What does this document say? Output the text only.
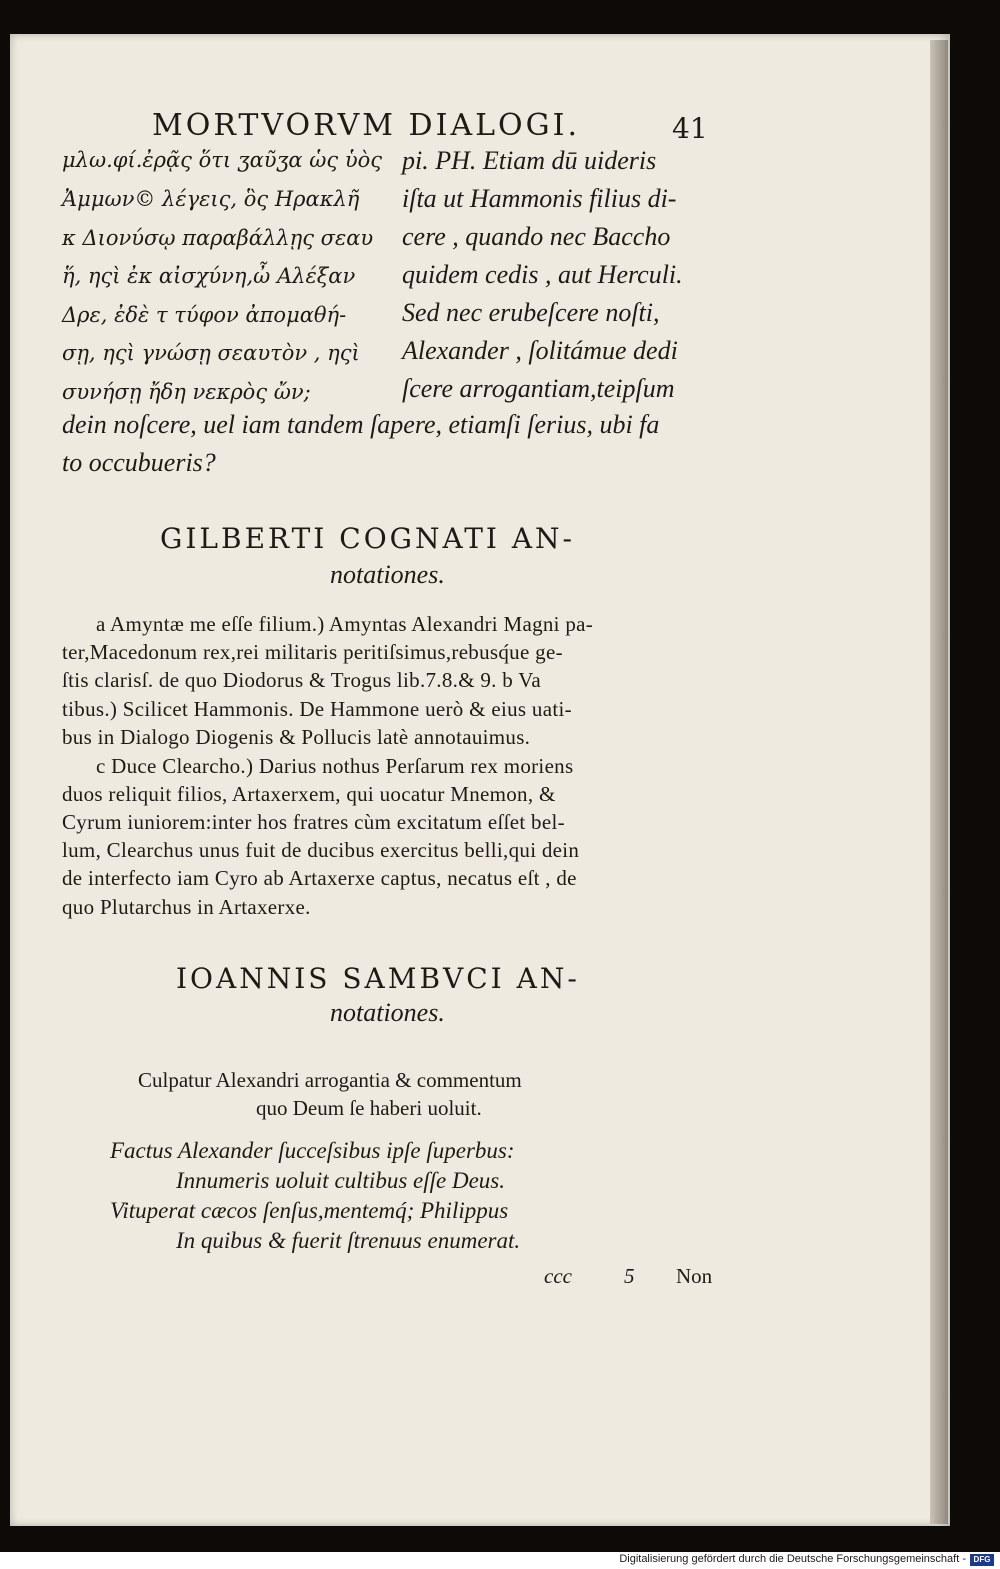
MORTVORVM DIALOGI.	41
μλω.φί.ἐρᾷς ὅτι ʒαῦʒα ὡς ὑὸς
Ἀμμων© λέγεις, ὃς Ηρακλῆ
κ Διονύσῳ παραβάλλῃς σεαυ
ἥ, ηςὶ ἐκ αἰσχύνη,ὦ Αλέξαν
Δρε, ἐδὲ τ τύφον ἀπομαθή-
σῃ, ηςὶ γνώσῃ σεαυτὸν , ηςὶ
συνήσῃ ἤδη νεκρὸς ὤν;
pi. PH. Etiam dū uideris
iſta ut Hammonis filius di-
cere , quando nec Baccho
quidem cedis , aut Herculi.
Sed nec erubeſcere noſti,
Alexander , ſolitámue dedi
ſcere arrogantiam,teipſum
dein noſcere, uel iam tandem ſapere, etiamſi ſerius, ubi fa
to occubueris?
GILBERTI COGNATI AN-
notationes.
a Amyntæ me eſſe filium.) Amyntas Alexandri Magni pa-
ter,Macedonum rex,rei militaris peritiſsimus,rebusq́ue ge-
ſtis clarisſ. de quo Diodorus & Trogus lib.7.8.& 9. b Va
tibus.) Scilicet Hammonis. De Hammone uerò & eius uati-
bus in Dialogo Diogenis & Pollucis latè annotauimus.
c Duce Clearcho.) Darius nothus Perſarum rex moriens
duos reliquit filios, Artaxerxem, qui uocatur Mnemon, &
Cyrum iuniorem:inter hos fratres cùm excitatum eſſet bel-
lum, Clearchus unus fuit de ducibus exercitus belli,qui dein
de interfecto iam Cyro ab Artaxerxe captus, necatus eſt , de
quo Plutarchus in Artaxerxe.
IOANNIS SAMBVCI AN-
notationes.
Culpatur Alexandri arrogantia & commentum
quo Deum ſe haberi uoluit.
Factus Alexander ſucceſsibus ipſe ſuperbus:
Innumeris uoluit cultibus eſſe Deus.
Vituperat cæcos ſenſus,mentemq́; Philippus
In quibus & fuerit ſtrenuus enumerat.
ccc 5 Non
Digitalisierung gefördert durch die Deutsche Forschungsgemeinschaft - DFG
